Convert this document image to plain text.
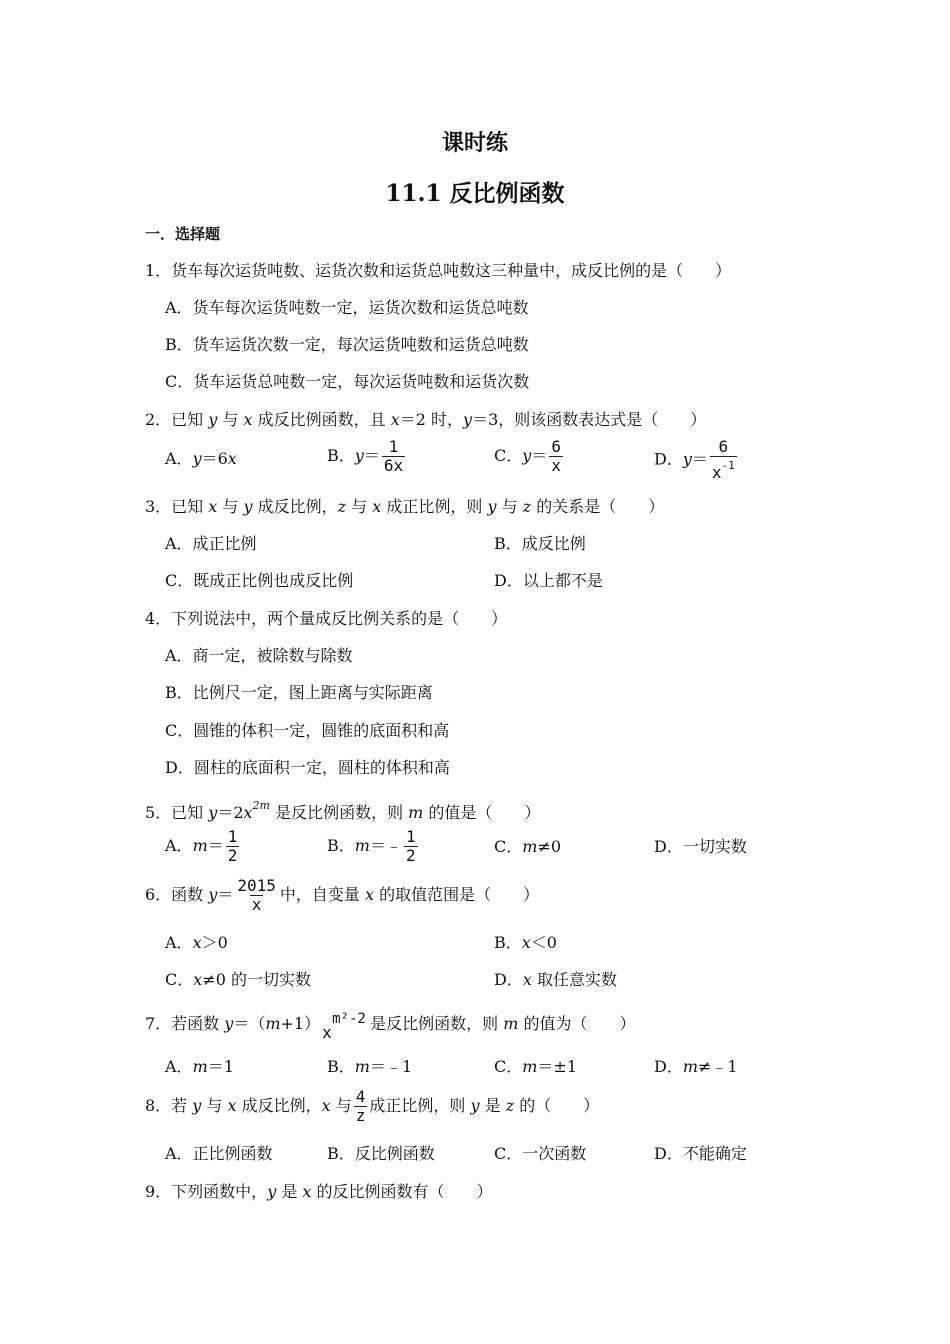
课时练
11.1 反比例函数
一．选择题
1．货车每次运货吨数、运货次数和运货总吨数这三种量中，成反比例的是（　　）
A．货车每次运货吨数一定，运货次数和运货总吨数
B．货车运货次数一定，每次运货吨数和运货总吨数
C．货车运货总吨数一定，每次运货吨数和运货次数
2．已知 y 与 x 成反比例函数，且 x＝2 时，y＝3，则该函数表达式是（　　）
A．y＝6x	B．$y= \frac{1}{6x}$	C．$y= \frac{6}{x}$	D．$y= \frac{6}{x^{-1}}$
3．已知 x 与 y 成反比例，z 与 x 成正比例，则 y 与 z 的关系是（　　）
A．成正比例	B．成反比例
C．既成正比例也成反比例	D．以上都不是
4．下列说法中，两个量成反比例关系的是（　　）
A．商一定，被除数与除数
B．比例尺一定，图上距离与实际距离
C．圆锥的体积一定，圆锥的底面积和高
D．圆柱的底面积一定，圆柱的体积和高
5．已知 $y=2x^{2m}$ 是反比例函数，则 m 的值是（　　）
A．$m= \frac{1}{2}$	B．m＝﹣ $\frac{1}{2}$	C．m≠0	D．一切实数
6．函数 $y= \frac{2015}{x}$ 中，自变量 x 的取值范围是（　　）
A．x＞0	B．x＜0
C．x≠0 的一切实数	D．x 取任意实数
7．若函数 y＝（m+1） x
m²-2 是反比例函数，则 m 的值为（　　）
A．m＝1	B．m＝﹣1	C．m＝±1	D．m≠﹣1
8．若 y 与 x 成反比例，x 与 $\frac{4}{z}$ 成正比例，则 y 是 z 的（　　）
A．正比例函数	B．反比例函数	C．一次函数	D．不能确定
9．下列函数中，y 是 x 的反比例函数有（　　）
